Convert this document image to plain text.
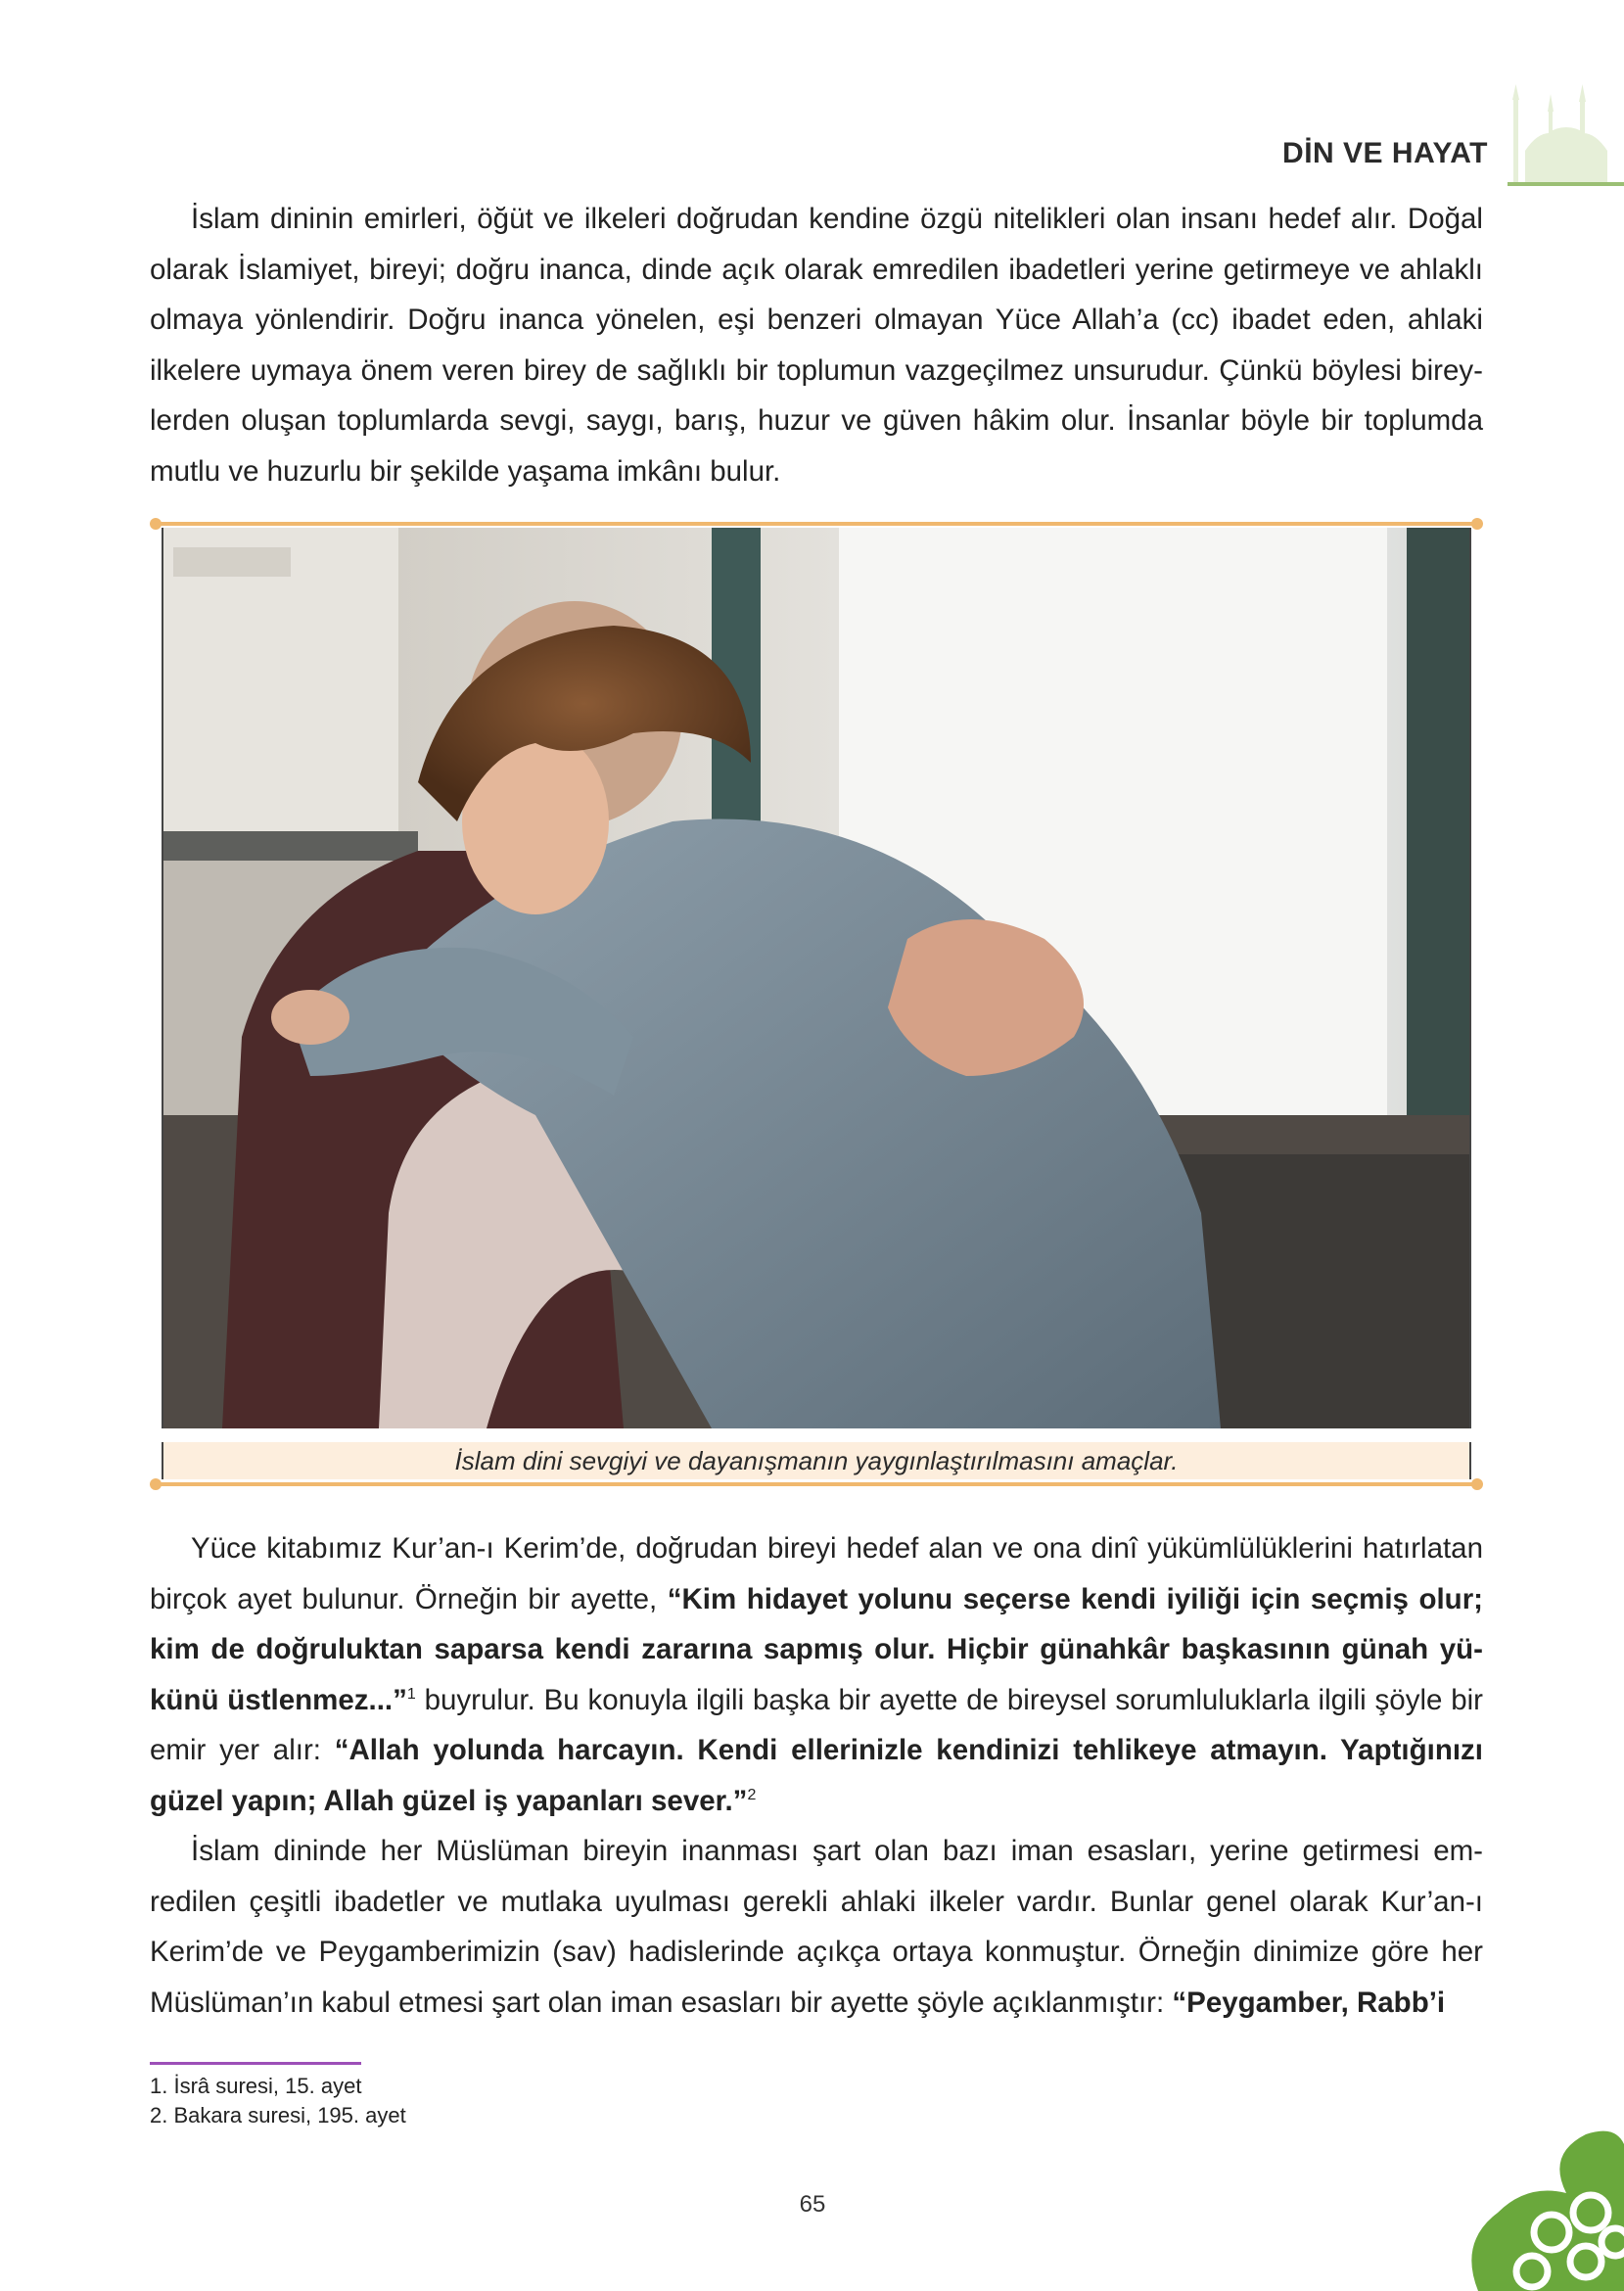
DİN VE HAYAT

İslam dininin emirleri, öğüt ve ilkeleri doğrudan kendine özgü nitelikleri olan insanı hedef alır. Doğal olarak İslamiyet, bireyi; doğru inanca, dinde açık olarak emredilen ibadetleri yerine getirmeye ve ahlaklı olmaya yönlendirir. Doğru inanca yönelen, eşi benzeri olmayan Yüce Allah’a (cc) ibadet eden, ahlaki ilkelere uymaya önem veren birey de sağlıklı bir toplumun vazgeçilmez unsurudur. Çünkü böylesi bireylerden oluşan toplumlarda sevgi, saygı, barış, huzur ve güven hâkim olur. İnsanlar böyle bir toplumda mutlu ve huzurlu bir şekilde yaşama imkânı bulur.

İslam dini sevgiyi ve dayanışmanın yaygınlaştırılmasını amaçlar.

Yüce kitabımız Kur’an-ı Kerim’de, doğrudan bireyi hedef alan ve ona dinî yükümlülüklerini hatırlatan birçok ayet bulunur. Örneğin bir ayette, “Kim hidayet yolunu seçerse kendi iyiliği için seçmiş olur; kim de doğruluktan saparsa kendi zararına sapmış olur. Hiçbir günahkâr başkasının günah yükünü üstlenmez...”$^1$ buyrulur. Bu konuyla ilgili başka bir ayette de bireysel sorumluluklarla ilgili şöyle bir emir yer alır: “Allah yolunda harcayın. Kendi ellerinizle kendinizi tehlikeye atmayın. Yaptığınızı güzel yapın; Allah güzel iş yapanları sever.”$^2$

İslam dininde her Müslüman bireyin inanması şart olan bazı iman esasları, yerine getirmesi emredilen çeşitli ibadetler ve mutlaka uyulması gerekli ahlaki ilkeler vardır. Bunlar genel olarak Kur’an-ı Kerim’de ve Peygamberimizin (sav) hadislerinde açıkça ortaya konmuştur. Örneğin dinimize göre her Müslüman’ın kabul etmesi şart olan iman esasları bir ayette şöyle açıklanmıştır: “Peygamber, Rabb’i

1. İsrâ suresi, 15. ayet
2. Bakara suresi, 195. ayet
65
